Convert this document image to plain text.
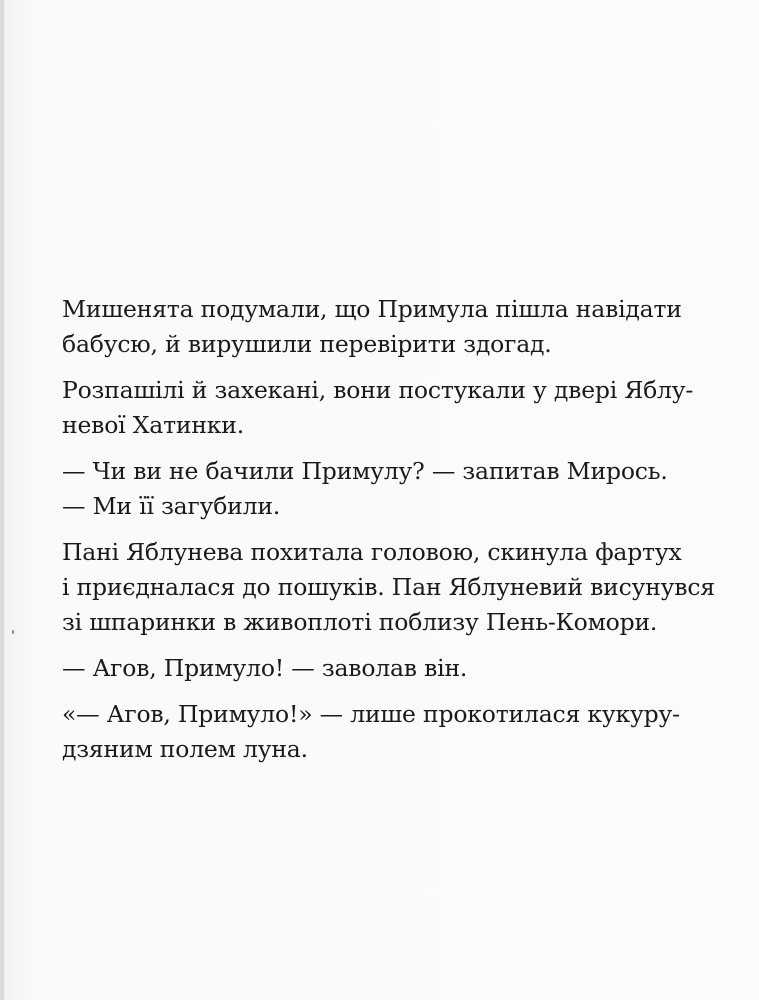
Мишенята подумали, що Примула пішла навідати
бабусю, й вирушили перевірити здогад.

Розпашілі й захекані, вони постукали у двері Яблу-
невої Хатинки.

— Чи ви не бачили Примулу? — запитав Мирось.
— Ми її загубили.

Пані Яблунева похитала головою, скинула фартух
і приєдналася до пошуків. Пан Яблуневий висунувся
зі шпаринки в живоплоті поблизу Пень-Комори.

— Агов, Примуло! — заволав він.

«— Агов, Примуло!» — лише прокотилася кукуру-
дзяним полем луна.
